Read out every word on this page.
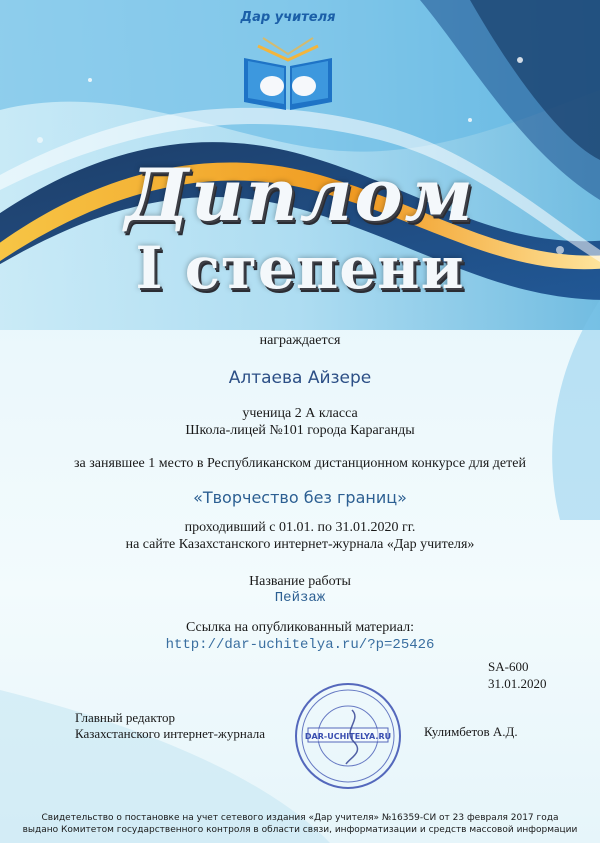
Дар учителя
Диплом
I степени
награждается
Алтаева Айзере
ученица 2 А класса
Школа-лицей №101 города Караганды
за занявшее 1 место в Республиканском дистанционном конкурсе для детей
«Творчество без границ»
проходивший с 01.01. по 31.01.2020 гг.
на сайте Казахстанского интернет-журнала «Дар учителя»
Название работы
Пейзаж
Ссылка на опубликованный материал:
http://dar-uchitelya.ru/?p=25426
SA-600
31.01.2020
Главный редактор
Казахстанского интернет-журнала	Кулимбетов А.Д.
DAR-UCHITELYA.RU
Свидетельство о постановке на учет сетевого издания «Дар учителя» №16359-СИ от 23 февраля 2017 года
выдано Комитетом государственного контроля в области связи, информатизации и средств массовой информации
